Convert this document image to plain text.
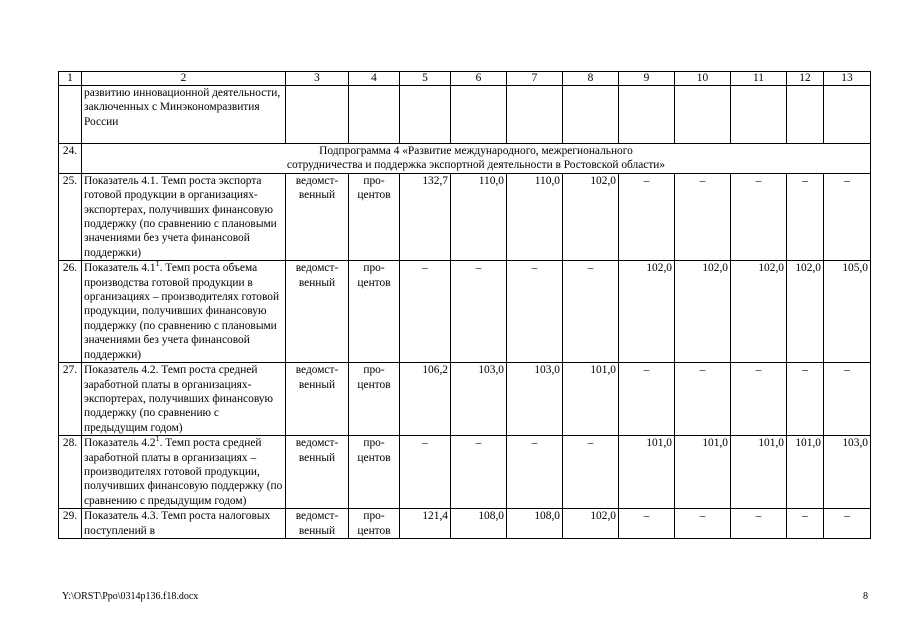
1	2	3	4	5	6	7	8	9	10	11	12	13
	развитию инновационной деятельности, заключенных с Минэкономразвития России											
24.	Подпрограмма 4 «Развитие международного, межрегионального
сотрудничества и поддержка экспортной деятельности в Ростовской области»											

25.	Показатель 4.1. Темп роста экспорта готовой продукции в организациях-экспортерах, получивших финансовую поддержку (по сравнению с плановыми значениями без учета финансовой поддержки)	ведомст-венный	про-центов	132,7	110,0	110,0	102,0	–	–	–	–	–
26.	Показатель $4.1^1$. Темп роста объема производства готовой продукции в организациях – производителях готовой продукции, получивших финансовую поддержку (по сравнению с плановыми значениями без учета финансовой поддержки)	ведомст-венный	про-центов	–	–	–	–	102,0	102,0	102,0	102,0	105,0
27.	Показатель 4.2. Темп роста средней заработной платы в организациях-экспортерах, получивших финансовую поддержку (по сравнению с предыдущим годом)	ведомст-венный	про-центов	106,2	103,0	103,0	101,0	–	–	–	–	–
28.	Показатель $4.2^1$. Темп роста средней заработной платы в организациях – производителях готовой продукции, получивших финансовую поддержку (по сравнению с предыдущим годом)	ведомст-венный	про-центов	–	–	–	–	101,0	101,0	101,0	101,0	103,0
29.	Показатель 4.3. Темп роста налоговых поступлений в	ведомст-венный	про-центов	121,4	108,0	108,0	102,0	–	–	–	–	–
Y:\ORST\Ppo\0314p136.f18.docx	8
